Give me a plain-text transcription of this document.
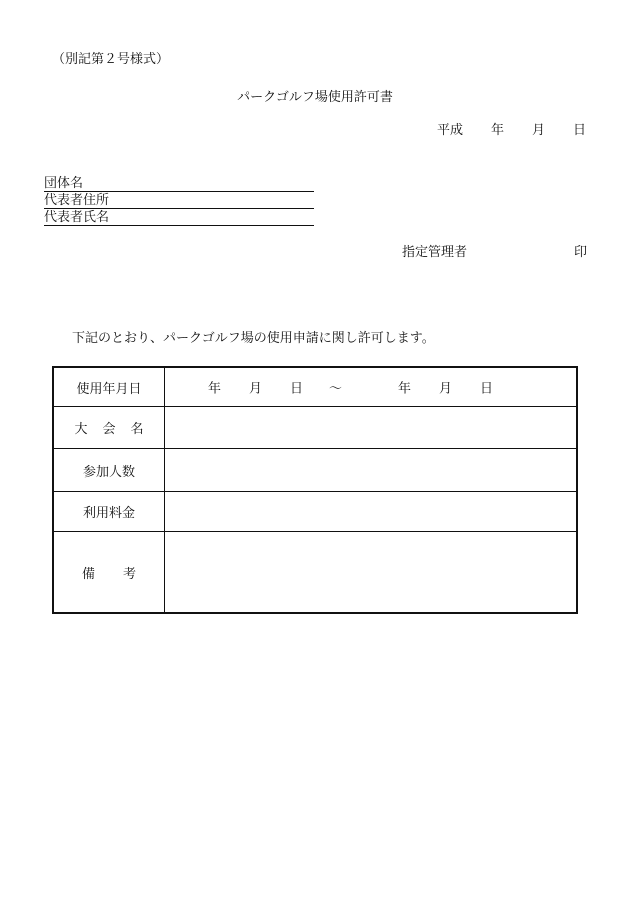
（別記第２号様式）
パークゴルフ場使用許可書
平成 年 月 日
団体名
代表者住所
代表者氏名
指定管理者	印
下記のとおり、パークゴルフ場の使用申請に関し許可します。
使用年月日	年 月 日 ～	年 月 日
大会名
参加人数
利用料金
備考
